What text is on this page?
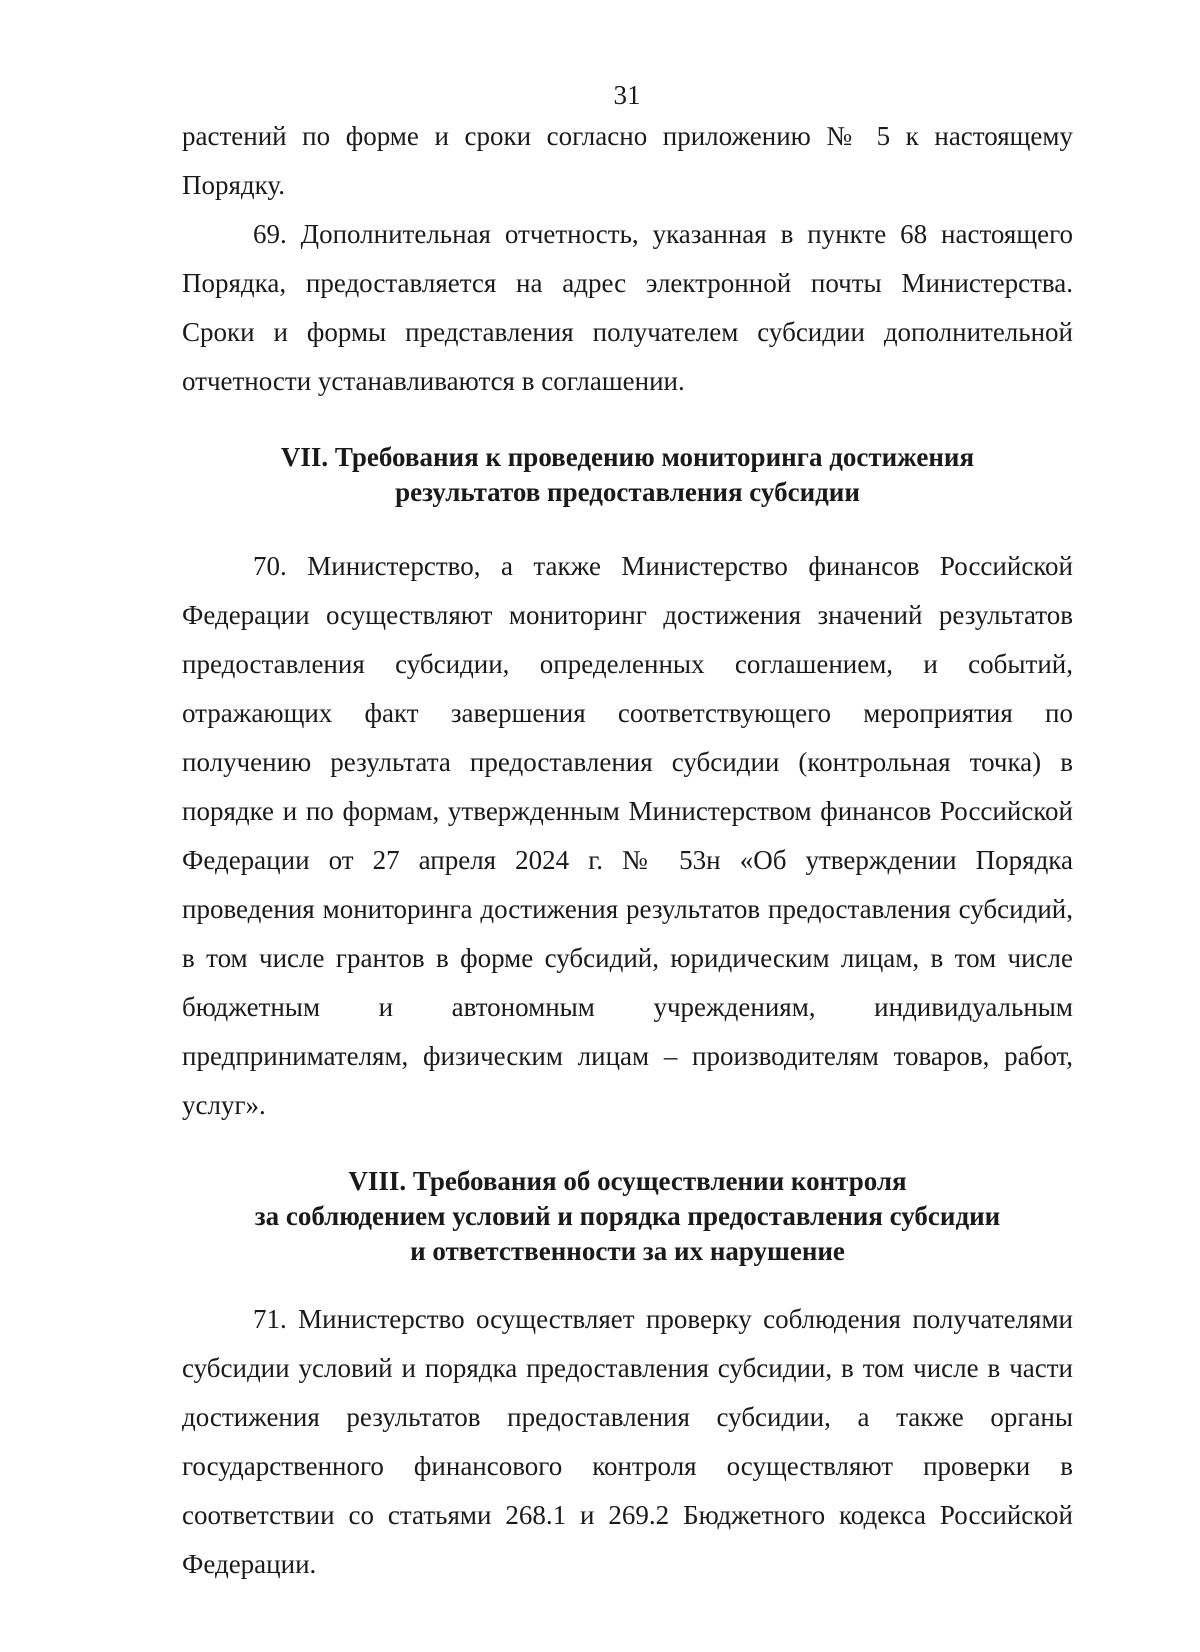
31

растений по форме и сроки согласно приложению № 5 к настоящему Порядку.

69. Дополнительная отчетность, указанная в пункте 68 настоящего Порядка, предоставляется на адрес электронной почты Министерства. Сроки и формы представления получателем субсидии дополнительной отчетности устанавливаются в соглашении.

VII. Требования к проведению мониторинга достижения
результатов предоставления субсидии

70. Министерство, а также Министерство финансов Российской Федерации осуществляют мониторинг достижения значений результатов предоставления субсидии, определенных соглашением, и событий, отражающих факт завершения соответствующего мероприятия по получению результата предоставления субсидии (контрольная точка) в порядке и по формам, утвержденным Министерством финансов Российской Федерации от 27 апреля 2024 г. № 53н «Об утверждении Порядка проведения мониторинга достижения результатов предоставления субсидий, в том числе грантов в форме субсидий, юридическим лицам, в том числе бюджетным и автономным учреждениям, индивидуальным предпринимателям, физическим лицам – производителям товаров, работ, услуг».

VIII. Требования об осуществлении контроля
за соблюдением условий и порядка предоставления субсидии
и ответственности за их нарушение

71. Министерство осуществляет проверку соблюдения получателями субсидии условий и порядка предоставления субсидии, в том числе в части достижения результатов предоставления субсидии, а также органы государственного финансового контроля осуществляют проверки в соответствии со статьями 268.1 и 269.2 Бюджетного кодекса Российской Федерации.
